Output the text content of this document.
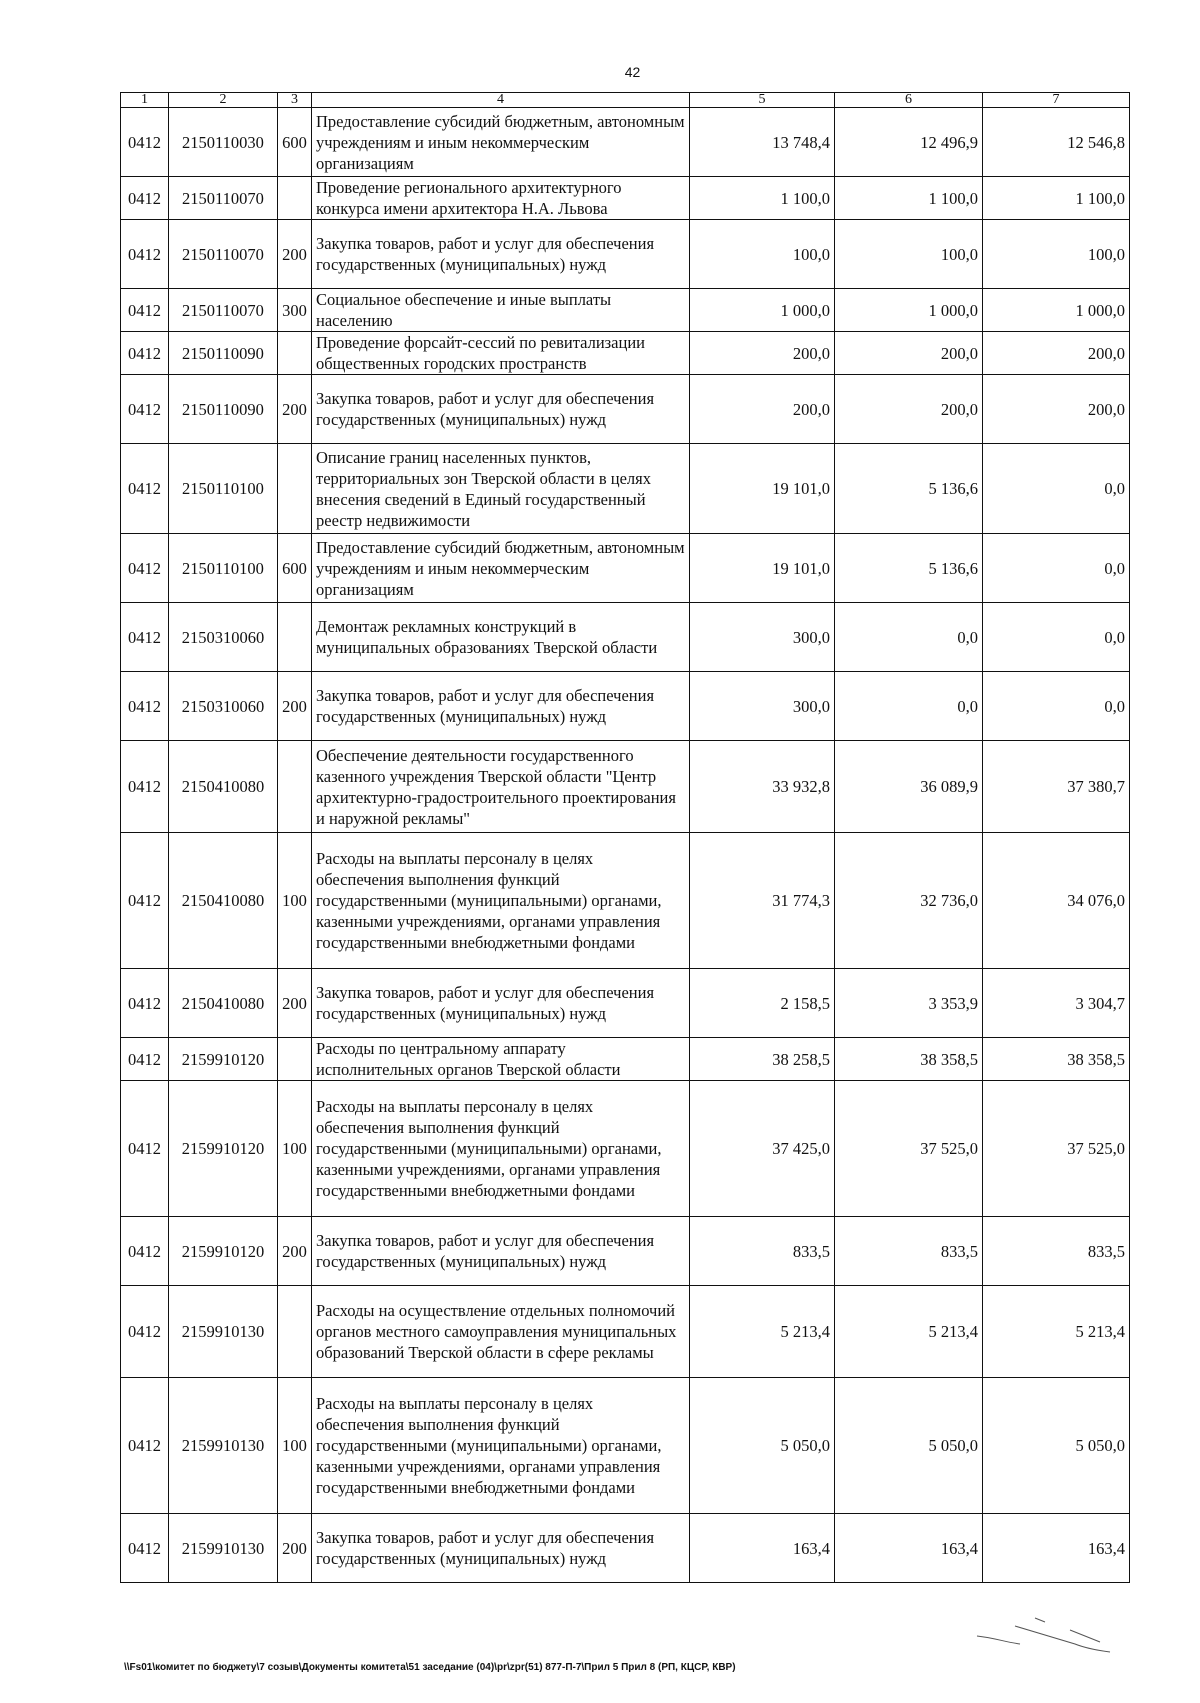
42
1	2	3	4	5	6	7
0412	2150110030	600	Предоставление субсидий бюджетным, автономным учреждениям и иным некоммерческим организациям	13 748,4	12 496,9	12 546,8
0412	2150110070		Проведение регионального архитектурного конкурса имени архитектора Н.А. Львова	1 100,0	1 100,0	1 100,0
0412	2150110070	200	Закупка товаров, работ и услуг для обеспечения государственных (муниципальных) нужд	100,0	100,0	100,0
0412	2150110070	300	Социальное обеспечение и иные выплаты населению	1 000,0	1 000,0	1 000,0
0412	2150110090		Проведение форсайт-сессий по ревитализации общественных городских пространств	200,0	200,0	200,0
0412	2150110090	200	Закупка товаров, работ и услуг для обеспечения государственных (муниципальных) нужд	200,0	200,0	200,0
0412	2150110100		Описание границ населенных пунктов, территориальных зон Тверской области в целях внесения сведений в Единый государственный реестр недвижимости	19 101,0	5 136,6	0,0
0412	2150110100	600	Предоставление субсидий бюджетным, автономным учреждениям и иным некоммерческим организациям	19 101,0	5 136,6	0,0
0412	2150310060		Демонтаж рекламных конструкций в муниципальных образованиях Тверской области	300,0	0,0	0,0
0412	2150310060	200	Закупка товаров, работ и услуг для обеспечения государственных (муниципальных) нужд	300,0	0,0	0,0
0412	2150410080		Обеспечение деятельности государственного казенного учреждения Тверской области "Центр архитектурно-градостроительного проектирования и наружной рекламы"	33 932,8	36 089,9	37 380,7
0412	2150410080	100	Расходы на выплаты персоналу в целях обеспечения выполнения функций государственными (муниципальными) органами, казенными учреждениями, органами управления государственными внебюджетными фондами	31 774,3	32 736,0	34 076,0
0412	2150410080	200	Закупка товаров, работ и услуг для обеспечения государственных (муниципальных) нужд	2 158,5	3 353,9	3 304,7
0412	2159910120		Расходы по центральному аппарату исполнительных органов Тверской области	38 258,5	38 358,5	38 358,5
0412	2159910120	100	Расходы на выплаты персоналу в целях обеспечения выполнения функций государственными (муниципальными) органами, казенными учреждениями, органами управления государственными внебюджетными фондами	37 425,0	37 525,0	37 525,0
0412	2159910120	200	Закупка товаров, работ и услуг для обеспечения государственных (муниципальных) нужд	833,5	833,5	833,5
0412	2159910130		Расходы на осуществление отдельных полномочий органов местного самоуправления муниципальных образований Тверской области в сфере рекламы	5 213,4	5 213,4	5 213,4
0412	2159910130	100	Расходы на выплаты персоналу в целях обеспечения выполнения функций государственными (муниципальными) органами, казенными учреждениями, органами управления государственными внебюджетными фондами	5 050,0	5 050,0	5 050,0
0412	2159910130	200	Закупка товаров, работ и услуг для обеспечения государственных (муниципальных) нужд	163,4	163,4	163,4
\\Fs01\комитет по бюджету\7 созыв\Документы комитета\51 заседание (04)\pr\zpr(51) 877-П-7\Прил 5 Прил 8 (РП, КЦСР, КВР)
